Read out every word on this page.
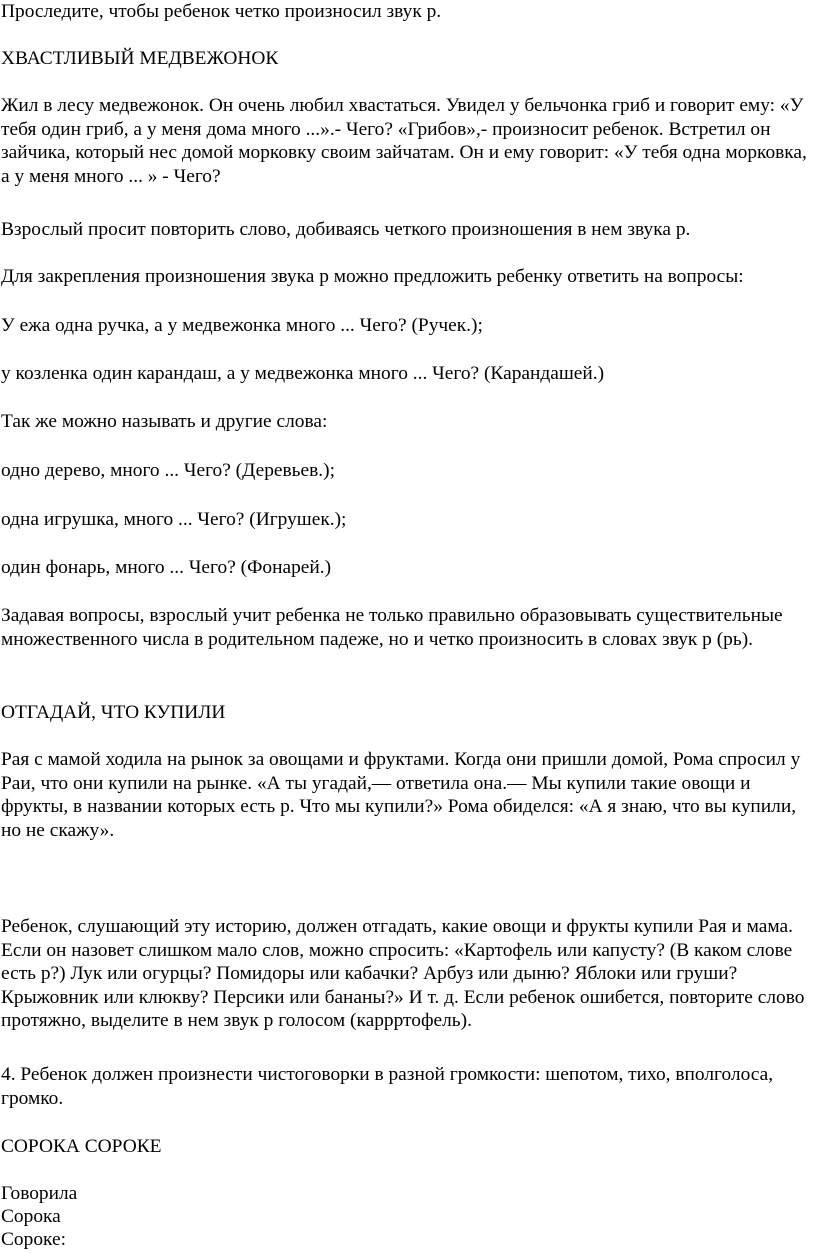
Проследите, чтобы ребенок четко произносил звук р.

ХВАСТЛИВЫЙ МЕДВЕЖОНОК

Жил в лесу медвежонок. Он очень любил хвастаться. Увидел у бельчонка гриб и говорит ему: «У тебя один гриб, а у меня дома много ...».- Чего? «Грибов»,- произносит ребенок. Встретил он зайчика, который нес домой морковку своим зайчатам. Он и ему говорит: «У тебя одна морковка, а у меня много ... » - Чего?

Взрослый просит повторить слово, добиваясь четкого произношения в нем звука р.

Для закрепления произношения звука р можно предложить ребенку ответить на вопросы:

У ежа одна ручка, а у медвежонка много ... Чего? (Ручек.);

у козленка один карандаш, а у медвежонка много ... Чего? (Карандашей.)

Так же можно называть и другие слова:

одно дерево, много ... Чего? (Деревьев.);

одна игрушка, много ... Чего? (Игрушек.);

один фонарь, много ... Чего? (Фонарей.)

Задавая вопросы, взрослый учит ребенка не только правильно образовывать существительные множественного числа в родительном падеже, но и четко произносить в словах звук р (рь).

ОТГАДАЙ, ЧТО КУПИЛИ

Рая с мамой ходила на рынок за овощами и фруктами. Когда они пришли домой, Рома спросил у Раи, что они купили на рынке. «А ты угадай,— ответила она.— Мы купили такие овощи и фрукты, в названии которых есть р. Что мы купили?» Рома обиделся: «А я знаю, что вы купили, но не скажу».

Ребенок, слушающий эту историю, должен отгадать, какие овощи и фрукты купили Рая и мама. Если он назовет слишком мало слов, можно спросить: «Картофель или капусту? (В каком слове есть р?) Лук или огурцы? Помидоры или кабачки? Арбуз или дыню? Яблоки или груши? Крыжовник или клюкву? Персики или бананы?» И т. д. Если ребенок ошибется, повторите слово протяжно, выделите в нем звук р голосом (каррртофель).

4. Ребенок должен произнести чистоговорки в разной громкости: шепотом, тихо, вполголоса, громко.

СОРОКА СОРОКЕ

Говорила

Сорока

Сороке:
